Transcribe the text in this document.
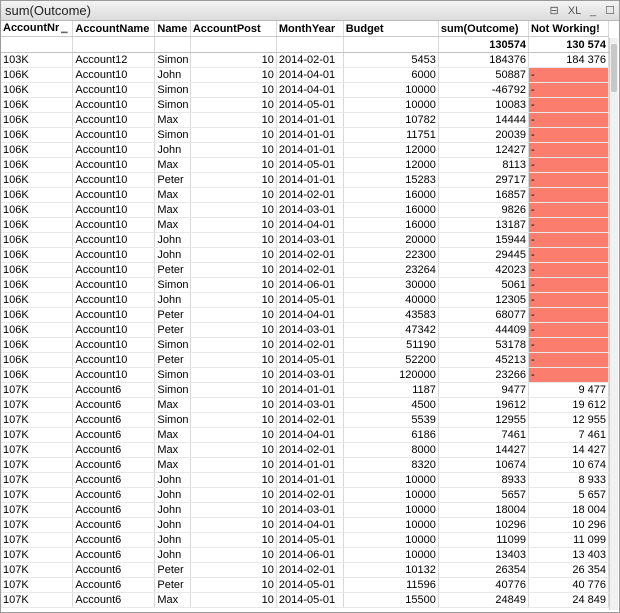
sum(Outcome)	⊟ XL _ ☐
AccountNr ▁	AccountName	Name	AccountPost	MonthYear	Budget	sum(Outcome)	Not Working!
						130574	130 574
103K	Account12	Simon	10	2014-02-01	5453	184376	184 376
106K	Account10	John	10	2014-04-01	6000	50887	-
106K	Account10	Simon	10	2014-04-01	10000	-46792	-
106K	Account10	Simon	10	2014-05-01	10000	10083	-
106K	Account10	Max	10	2014-01-01	10782	14444	-
106K	Account10	Simon	10	2014-01-01	11751	20039	-
106K	Account10	John	10	2014-01-01	12000	12427	-
106K	Account10	Max	10	2014-05-01	12000	8113	-
106K	Account10	Peter	10	2014-01-01	15283	29717	-
106K	Account10	Max	10	2014-02-01	16000	16857	-
106K	Account10	Max	10	2014-03-01	16000	9826	-
106K	Account10	Max	10	2014-04-01	16000	13187	-
106K	Account10	John	10	2014-03-01	20000	15944	-
106K	Account10	John	10	2014-02-01	22300	29445	-
106K	Account10	Peter	10	2014-02-01	23264	42023	-
106K	Account10	Simon	10	2014-06-01	30000	5061	-
106K	Account10	John	10	2014-05-01	40000	12305	-
106K	Account10	Peter	10	2014-04-01	43583	68077	-
106K	Account10	Peter	10	2014-03-01	47342	44409	-
106K	Account10	Simon	10	2014-02-01	51190	53178	-
106K	Account10	Peter	10	2014-05-01	52200	45213	-
106K	Account10	Simon	10	2014-03-01	120000	23266	-
107K	Account6	Simon	10	2014-01-01	1187	9477	9 477
107K	Account6	Max	10	2014-03-01	4500	19612	19 612
107K	Account6	Simon	10	2014-02-01	5539	12955	12 955
107K	Account6	Max	10	2014-04-01	6186	7461	7 461
107K	Account6	Max	10	2014-02-01	8000	14427	14 427
107K	Account6	Max	10	2014-01-01	8320	10674	10 674
107K	Account6	John	10	2014-01-01	10000	8933	8 933
107K	Account6	John	10	2014-02-01	10000	5657	5 657
107K	Account6	John	10	2014-03-01	10000	18004	18 004
107K	Account6	John	10	2014-04-01	10000	10296	10 296
107K	Account6	John	10	2014-05-01	10000	11099	11 099
107K	Account6	John	10	2014-06-01	10000	13403	13 403
107K	Account6	Peter	10	2014-02-01	10132	26354	26 354
107K	Account6	Peter	10	2014-05-01	11596	40776	40 776
107K	Account6	Max	10	2014-05-01	15500	24849	24 849
